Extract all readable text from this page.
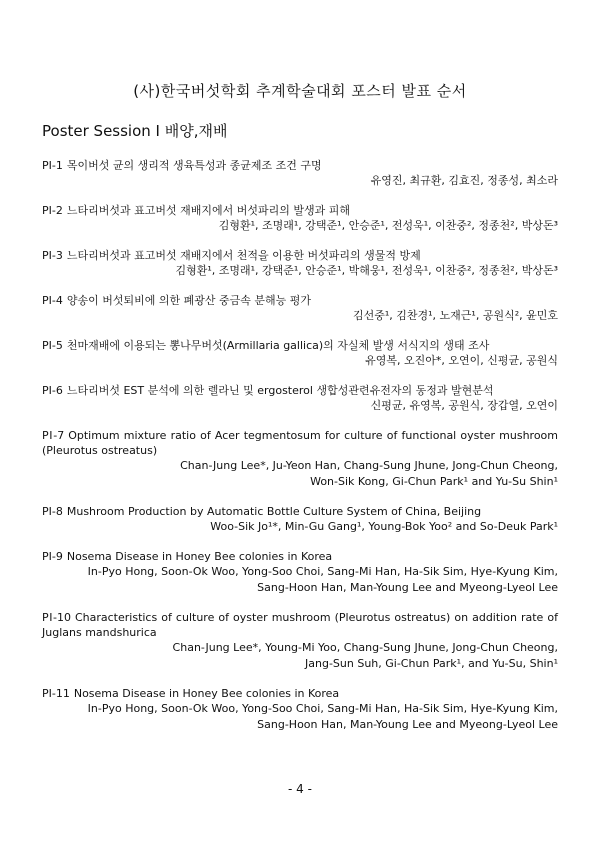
(사)한국버섯학회 추계학술대회 포스터 발표 순서
Poster Session Ⅰ 배양,재배
PⅠ-1 목이버섯 균의 생리적 생육특성과 종균제조 조건 구명
유영진, 최규환, 김효진, 정종성, 최소라
PⅠ-2 느타리버섯과 표고버섯 재배지에서 버섯파리의 발생과 피해
김형환¹, 조명래¹, 강택준¹, 안승준¹, 전성욱¹, 이찬중², 정종천², 박상돈³
PⅠ-3 느타리버섯과 표고버섯 재배지에서 천적을 이용한 버섯파리의 생물적 방제
김형환¹, 조명래¹, 강택준¹, 안승준¹, 박해웅¹, 전성욱¹, 이찬중², 정종천², 박상돈³
PⅠ-4 양송이 버섯퇴비에 의한 폐광산 중금속 분해능 평가
김선중¹, 김찬경¹, 노재근¹, 공원식², 윤민호
PⅠ-5 천마재배에 이용되는 뽕나무버섯(Armillaria gallica)의 자실체 발생 서식지의 생태 조사
유영복, 오진아*, 오연이, 신평균, 공원식
PⅠ-6 느타리버섯 EST 분석에 의한 렐라닌 및 ergosterol 생합성관련유전자의 동정과 발현분석
신평균, 유영복, 공원식, 장갑열, 오연이
PⅠ-7 Optimum mixture ratio of Acer tegmentosum for culture of functional oyster mushroom (Pleurotus ostreatus)
Chan-Jung Lee*, Ju-Yeon Han, Chang-Sung Jhune, Jong-Chun Cheong,
Won-Sik Kong, Gi-Chun Park¹ and Yu-Su Shin¹
PⅠ-8 Mushroom Production by Automatic Bottle Culture System of China, Beijing
Woo-Sik Jo¹*, Min-Gu Gang¹, Young-Bok Yoo² and So-Deuk Park¹
PⅠ-9 Nosema Disease in Honey Bee colonies in Korea
In-Pyo Hong, Soon-Ok Woo, Yong-Soo Choi, Sang-Mi Han, Ha-Sik Sim, Hye-Kyung Kim,
Sang-Hoon Han, Man-Young Lee and Myeong-Lyeol Lee
PⅠ-10 Characteristics of culture of oyster mushroom (Pleurotus ostreatus) on addition rate of Juglans mandshurica
Chan-Jung Lee*, Young-Mi Yoo, Chang-Sung Jhune, Jong-Chun Cheong,
Jang-Sun Suh, Gi-Chun Park¹, and Yu-Su, Shin¹
PⅠ-11 Nosema Disease in Honey Bee colonies in Korea
In-Pyo Hong, Soon-Ok Woo, Yong-Soo Choi, Sang-Mi Han, Ha-Sik Sim, Hye-Kyung Kim,
Sang-Hoon Han, Man-Young Lee and Myeong-Lyeol Lee
- 4 -
